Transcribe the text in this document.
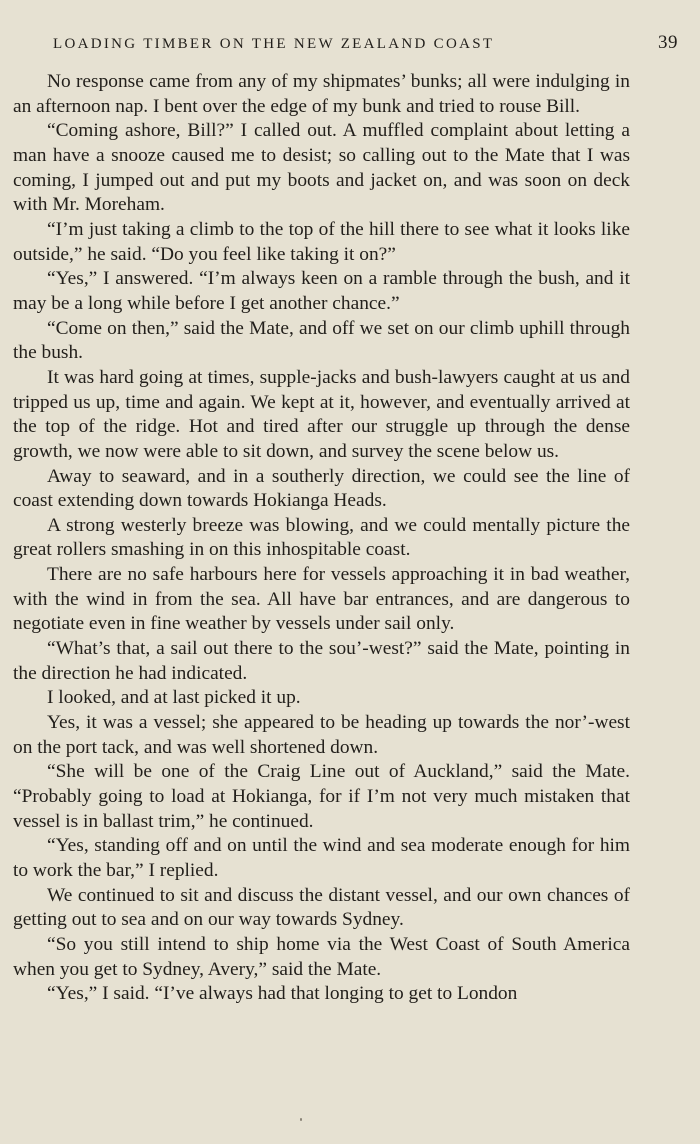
LOADING TIMBER ON THE NEW ZEALAND COAST	39

No response came from any of my shipmates’ bunks; all were indulging in an afternoon nap. I bent over the edge of my bunk and tried to rouse Bill.

“Coming ashore, Bill?” I called out. A muffled complaint about letting a man have a snooze caused me to desist; so calling out to the Mate that I was coming, I jumped out and put my boots and jacket on, and was soon on deck with Mr. Moreham.

“I’m just taking a climb to the top of the hill there to see what it looks like outside,” he said. “Do you feel like taking it on?”

“Yes,” I answered. “I’m always keen on a ramble through the bush, and it may be a long while before I get another chance.”

“Come on then,” said the Mate, and off we set on our climb uphill through the bush.

It was hard going at times, supple-jacks and bush-lawyers caught at us and tripped us up, time and again. We kept at it, however, and eventually arrived at the top of the ridge. Hot and tired after our struggle up through the dense growth, we now were able to sit down, and survey the scene below us.

Away to seaward, and in a southerly direction, we could see the line of coast extending down towards Hokianga Heads.

A strong westerly breeze was blowing, and we could mentally picture the great rollers smashing in on this inhospitable coast.

There are no safe harbours here for vessels approaching it in bad weather, with the wind in from the sea. All have bar entrances, and are dangerous to negotiate even in fine weather by vessels under sail only.

“What’s that, a sail out there to the sou’-west?” said the Mate, pointing in the direction he had indicated.

I looked, and at last picked it up.

Yes, it was a vessel; she appeared to be heading up towards the nor’-west on the port tack, and was well shortened down.

“She will be one of the Craig Line out of Auckland,” said the Mate. “Probably going to load at Hokianga, for if I’m not very much mistaken that vessel is in ballast trim,” he continued.

“Yes, standing off and on until the wind and sea moderate enough for him to work the bar,” I replied.

We continued to sit and discuss the distant vessel, and our own chances of getting out to sea and on our way towards Sydney.

“So you still intend to ship home via the West Coast of South America when you get to Sydney, Avery,” said the Mate.

“Yes,” I said. “I’ve always had that longing to get to London
